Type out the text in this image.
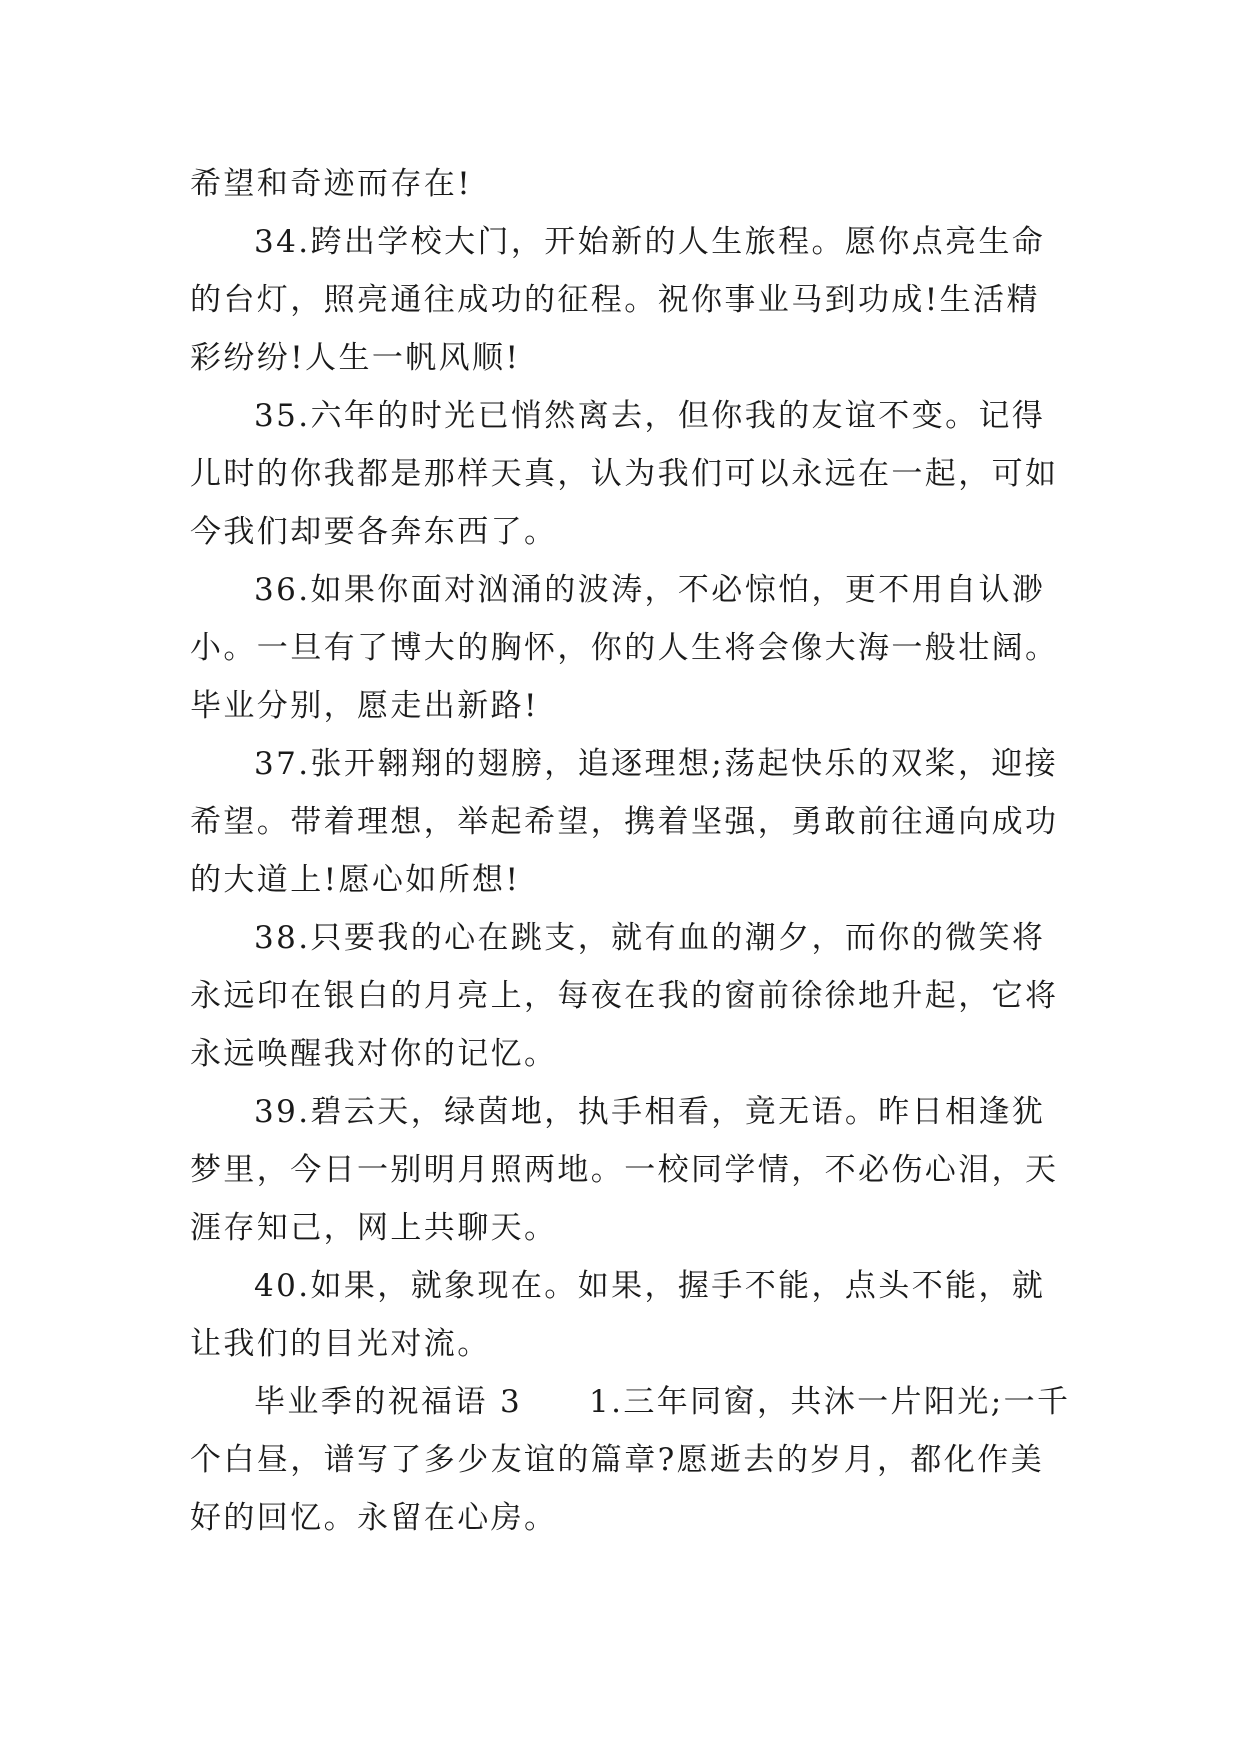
希望和奇迹而存在!
34.跨出学校大门，开始新的人生旅程。愿你点亮生命
的台灯，照亮通往成功的征程。祝你事业马到功成!生活精
彩纷纷!人生一帆风顺!
35.六年的时光已悄然离去，但你我的友谊不变。记得
儿时的你我都是那样天真，认为我们可以永远在一起，可如
今我们却要各奔东西了。
36.如果你面对汹涌的波涛，不必惊怕，更不用自认渺
小。一旦有了博大的胸怀，你的人生将会像大海一般壮阔。
毕业分别，愿走出新路!
37.张开翱翔的翅膀，追逐理想;荡起快乐的双桨，迎接
希望。带着理想，举起希望，携着坚强，勇敢前往通向成功
的大道上!愿心如所想!
38.只要我的心在跳支，就有血的潮夕，而你的微笑将
永远印在银白的月亮上，每夜在我的窗前徐徐地升起，它将
永远唤醒我对你的记忆。
39.碧云天，绿茵地，执手相看，竟无语。昨日相逢犹
梦里，今日一别明月照两地。一校同学情，不必伤心泪，天
涯存知己，网上共聊天。
40.如果，就象现在。如果，握手不能，点头不能，就
让我们的目光对流。
毕业季的祝福语 3　　1.三年同窗，共沐一片阳光;一千
个白昼，谱写了多少友谊的篇章?愿逝去的岁月，都化作美
好的回忆。永留在心房。
